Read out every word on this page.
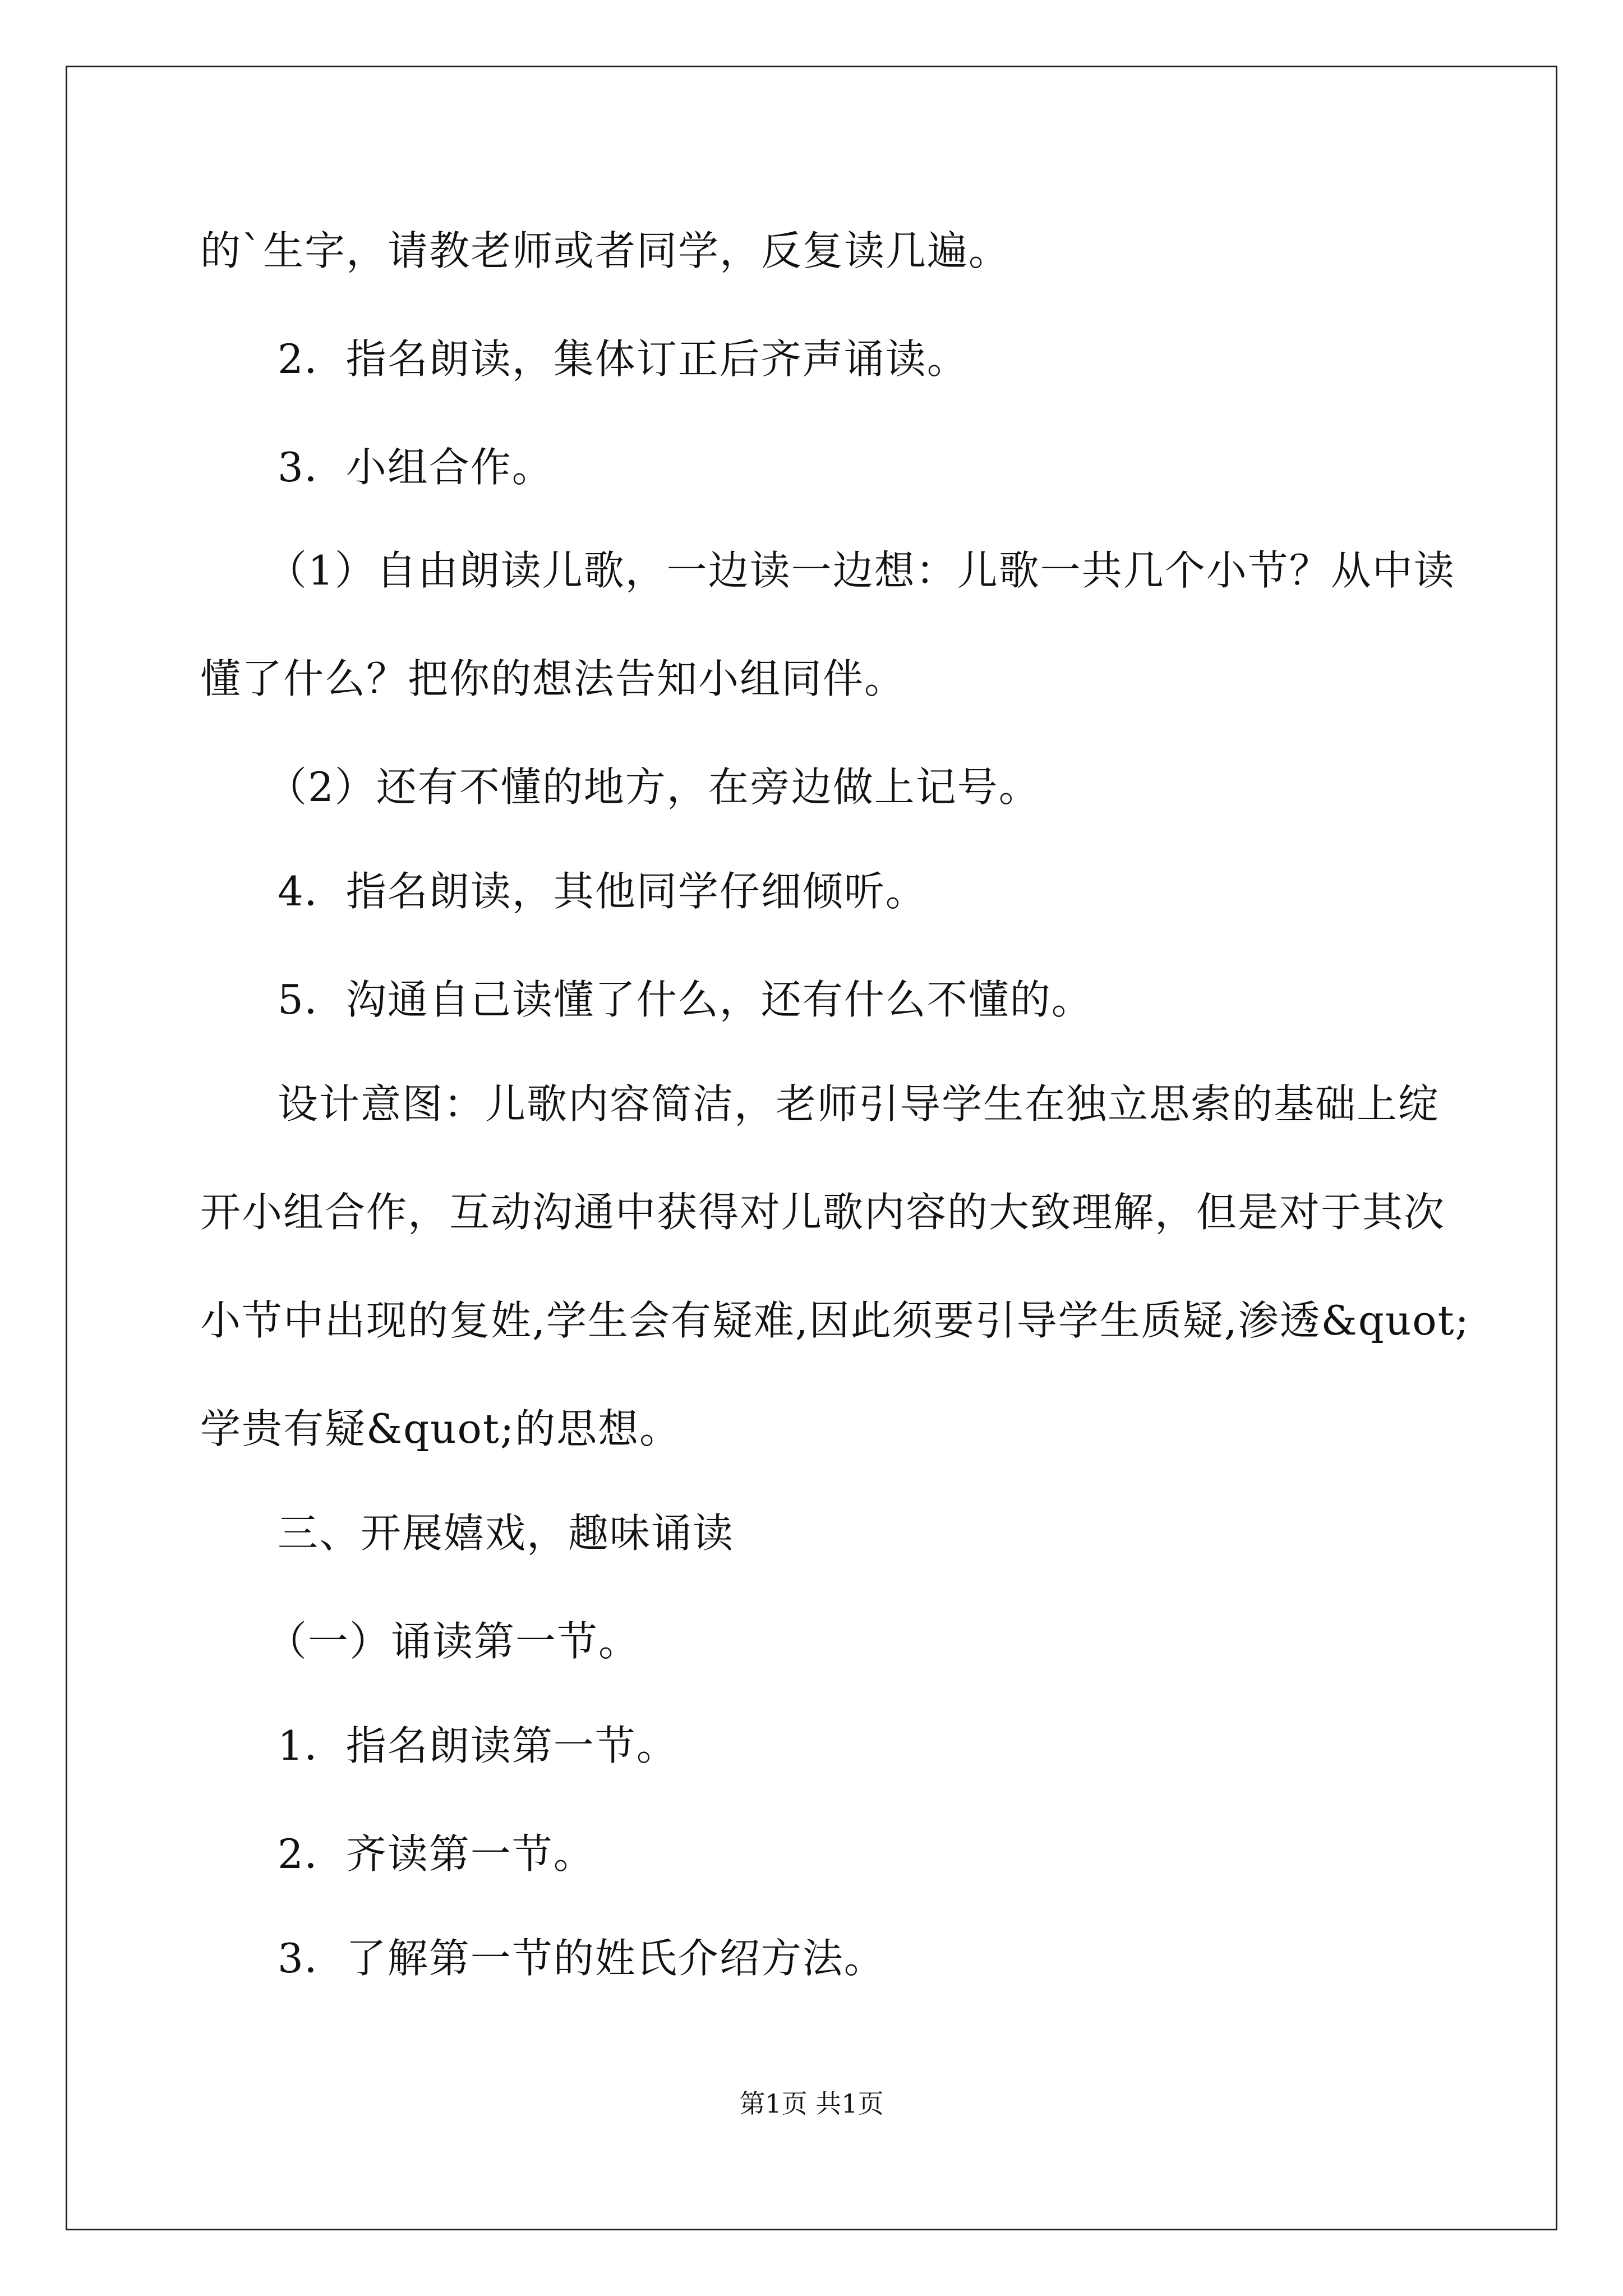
的`生字，请教老师或者同学，反复读几遍。
2．指名朗读，集体订正后齐声诵读。
3．小组合作。
（1）自由朗读儿歌，一边读一边想：儿歌一共几个小节？从中读
懂了什么？把你的想法告知小组同伴。
（2）还有不懂的地方，在旁边做上记号。
4．指名朗读，其他同学仔细倾听。
5．沟通自己读懂了什么，还有什么不懂的。
设计意图：儿歌内容简洁，老师引导学生在独立思索的基础上绽
开小组合作，互动沟通中获得对儿歌内容的大致理解，但是对于其次
小节中出现的复姓,学生会有疑难,因此须要引导学生质疑,渗透&quot;
学贵有疑&quot;的思想。
三、开展嬉戏，趣味诵读
（一）诵读第一节。
1．指名朗读第一节。
2．齐读第一节。
3．了解第一节的姓氏介绍方法。
第1页 共1页
